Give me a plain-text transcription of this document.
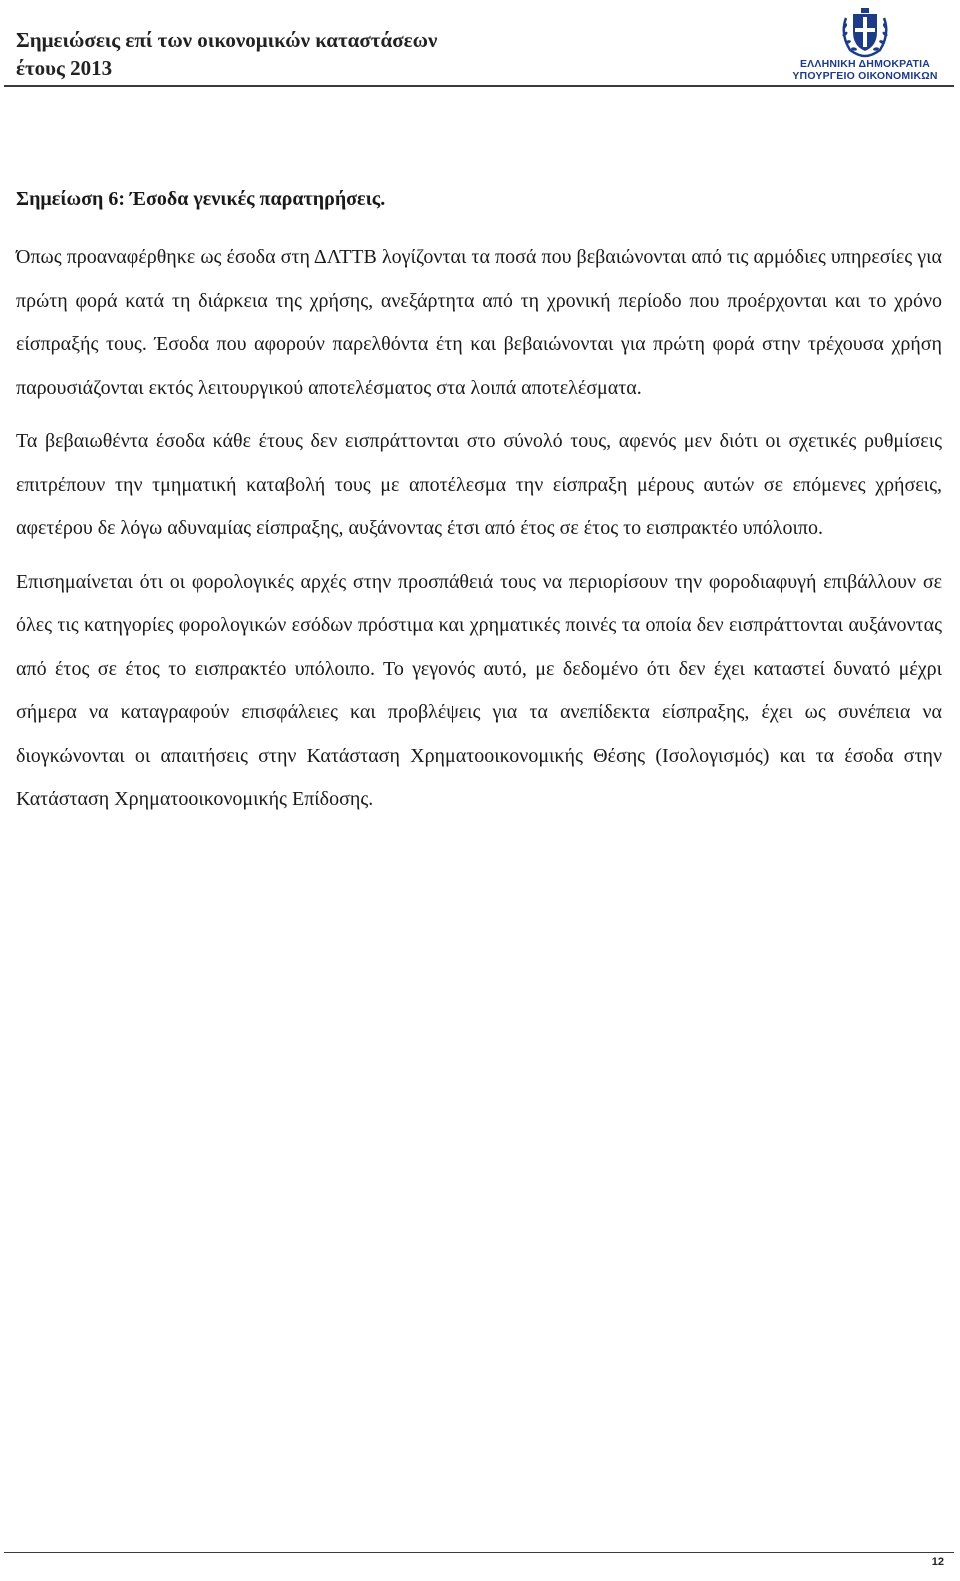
Σημειώσεις επί των οικονομικών καταστάσεων
έτους 2013	ΕΛΛΗΝΙΚΗ ΔΗΜΟΚΡΑΤΙΑ
ΥΠΟΥΡΓΕΙΟ ΟΙΚΟΝΟΜΙΚΩΝ
Σημείωση 6: Έσοδα γενικές παρατηρήσεις.

Όπως προαναφέρθηκε ως έσοδα στη ΔΛΤΤΒ λογίζονται τα ποσά που βεβαιώνονται από τις αρμόδιες υπηρεσίες για πρώτη φορά κατά τη διάρκεια της χρήσης, ανεξάρτητα από τη χρονική περίοδο που προέρχονται και το χρόνο είσπραξής τους. Έσοδα που αφορούν παρελθόντα έτη και βεβαιώνονται για πρώτη φορά στην τρέχουσα χρήση παρουσιάζονται εκτός λειτουργικού αποτελέσματος στα λοιπά αποτελέσματα.

Τα βεβαιωθέντα έσοδα κάθε έτους δεν εισπράττονται στο σύνολό τους, αφενός μεν διότι οι σχετικές ρυθμίσεις επιτρέπουν την τμηματική καταβολή τους με αποτέλεσμα την είσπραξη μέρους αυτών σε επόμενες χρήσεις, αφετέρου δε λόγω αδυναμίας είσπραξης, αυξάνοντας έτσι από έτος σε έτος το εισπρακτέο υπόλοιπο.

Επισημαίνεται ότι οι φορολογικές αρχές στην προσπάθειά τους να περιορίσουν την φοροδιαφυγή επιβάλλουν σε όλες τις κατηγορίες φορολογικών εσόδων πρόστιμα και χρηματικές ποινές τα οποία δεν εισπράττονται αυξάνοντας από έτος σε έτος το εισπρακτέο υπόλοιπο. Το γεγονός αυτό, με δεδομένο ότι δεν έχει καταστεί δυνατό μέχρι σήμερα να καταγραφούν επισφάλειες και προβλέψεις για τα ανεπίδεκτα είσπραξης, έχει ως συνέπεια να διογκώνονται οι απαιτήσεις στην Κατάσταση Χρηματοοικονομικής Θέσης (Ισολογισμός) και τα έσοδα στην Κατάσταση Χρηματοοικονομικής Επίδοσης.

12
